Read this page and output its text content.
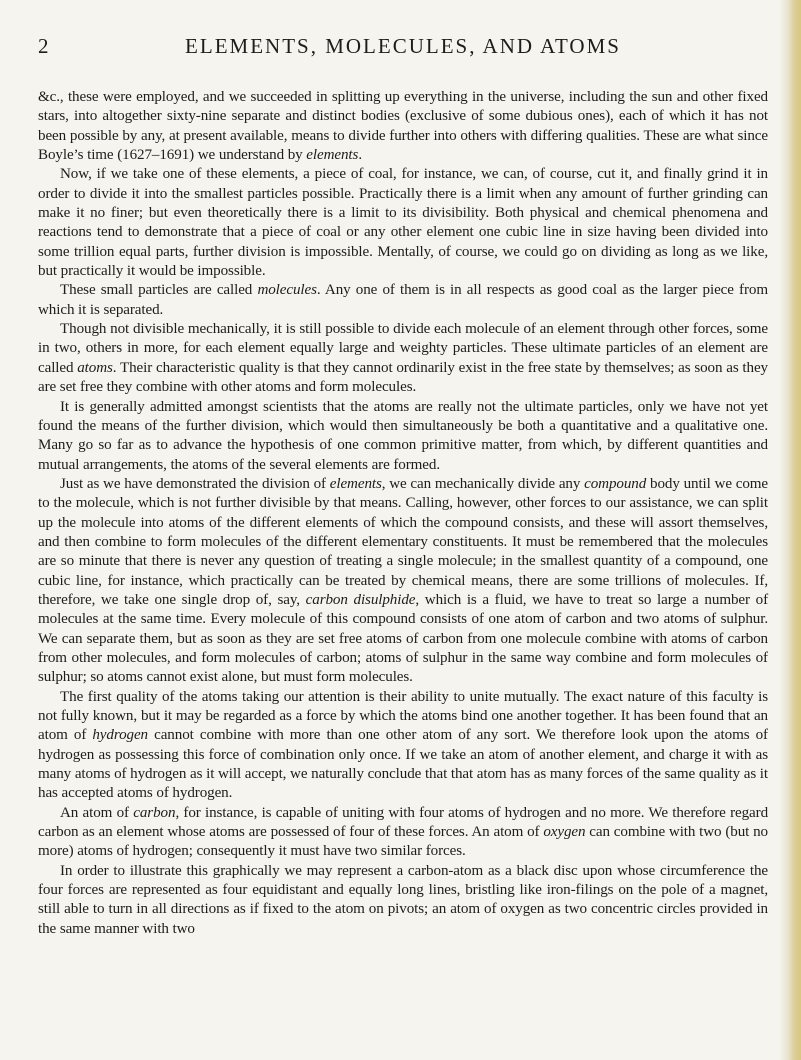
2	ELEMENTS, MOLECULES, AND ATOMS

&c., these were employed, and we succeeded in splitting up everything in the universe, including the sun and other fixed stars, into altogether sixty-nine separate and distinct bodies (exclusive of some dubious ones), each of which it has not been possible by any, at present available, means to divide further into others with differing qualities. These are what since Boyle’s time (1627–1691) we understand by elements.

Now, if we take one of these elements, a piece of coal, for instance, we can, of course, cut it, and finally grind it in order to divide it into the smallest particles possible. Practically there is a limit when any amount of further grinding can make it no finer; but even theoretically there is a limit to its divisibility. Both physical and chemical phenomena and reactions tend to demonstrate that a piece of coal or any other element one cubic line in size having been divided into some trillion equal parts, further division is impossible. Mentally, of course, we could go on dividing as long as we like, but practically it would be impossible.

These small particles are called molecules. Any one of them is in all respects as good coal as the larger piece from which it is separated.

Though not divisible mechanically, it is still possible to divide each molecule of an element through other forces, some in two, others in more, for each element equally large and weighty particles. These ultimate particles of an element are called atoms. Their characteristic quality is that they cannot ordinarily exist in the free state by themselves; as soon as they are set free they combine with other atoms and form molecules.

It is generally admitted amongst scientists that the atoms are really not the ultimate particles, only we have not yet found the means of the further division, which would then simultaneously be both a quantitative and a qualitative one. Many go so far as to advance the hypothesis of one common primitive matter, from which, by different quantities and mutual arrangements, the atoms of the several elements are formed.

Just as we have demonstrated the division of elements, we can mechanically divide any compound body until we come to the molecule, which is not further divisible by that means. Calling, however, other forces to our assistance, we can split up the molecule into atoms of the different elements of which the compound consists, and these will assort themselves, and then combine to form molecules of the different elementary constituents. It must be remembered that the molecules are so minute that there is never any question of treating a single molecule; in the smallest quantity of a compound, one cubic line, for instance, which practically can be treated by chemical means, there are some trillions of molecules. If, therefore, we take one single drop of, say, carbon disulphide, which is a fluid, we have to treat so large a number of molecules at the same time. Every molecule of this compound consists of one atom of carbon and two atoms of sulphur. We can separate them, but as soon as they are set free atoms of carbon from one molecule combine with atoms of carbon from other molecules, and form molecules of carbon; atoms of sulphur in the same way combine and form molecules of sulphur; so atoms cannot exist alone, but must form molecules.

The first quality of the atoms taking our attention is their ability to unite mutually. The exact nature of this faculty is not fully known, but it may be regarded as a force by which the atoms bind one another together. It has been found that an atom of hydrogen cannot combine with more than one other atom of any sort. We therefore look upon the atoms of hydrogen as possessing this force of combination only once. If we take an atom of another element, and charge it with as many atoms of hydrogen as it will accept, we naturally conclude that that atom has as many forces of the same quality as it has accepted atoms of hydrogen.

An atom of carbon, for instance, is capable of uniting with four atoms of hydrogen and no more. We therefore regard carbon as an element whose atoms are possessed of four of these forces. An atom of oxygen can combine with two (but no more) atoms of hydrogen; consequently it must have two similar forces.

In order to illustrate this graphically we may represent a carbon-atom as a black disc upon whose circumference the four forces are represented as four equidistant and equally long lines, bristling like iron-filings on the pole of a magnet, still able to turn in all directions as if fixed to the atom on pivots; an atom of oxygen as two concentric circles provided in the same manner with two
